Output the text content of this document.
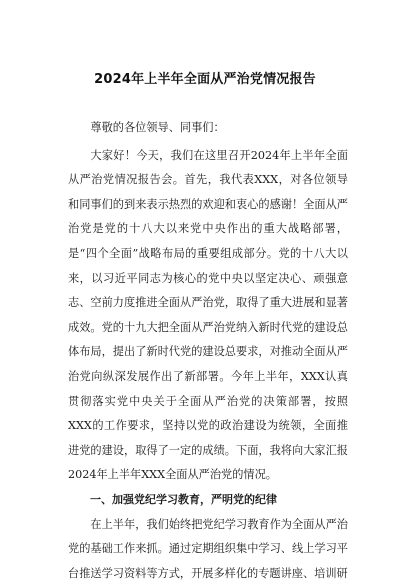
2024年上半年全面从严治党情况报告

尊敬的各位领导、同事们：

大家好！今天，我们在这里召开2024年上半年全面从严治党情况报告会。首先，我代表XXX，对各位领导和同事们的到来表示热烈的欢迎和衷心的感谢！全面从严治党是党的十八大以来党中央作出的重大战略部署，是“四个全面”战略布局的重要组成部分。党的十八大以来，以习近平同志为核心的党中央以坚定决心、顽强意志、空前力度推进全面从严治党，取得了重大进展和显著成效。党的十九大把全面从严治党纳入新时代党的建设总体布局，提出了新时代党的建设总要求，对推动全面从严治党向纵深发展作出了新部署。今年上半年，XXX认真贯彻落实党中央关于全面从严治党的决策部署，按照XXX的工作要求，坚持以党的政治建设为统领，全面推进党的建设，取得了一定的成绩。下面，我将向大家汇报2024年上半年XXX全面从严治党的情况。

一、加强党纪学习教育，严明党的纪律

在上半年，我们始终把党纪学习教育作为全面从严治党的基础工作来抓。通过定期组织集中学习、线上学习平台推送学习资料等方式，开展多样化的专题讲座、培训研
